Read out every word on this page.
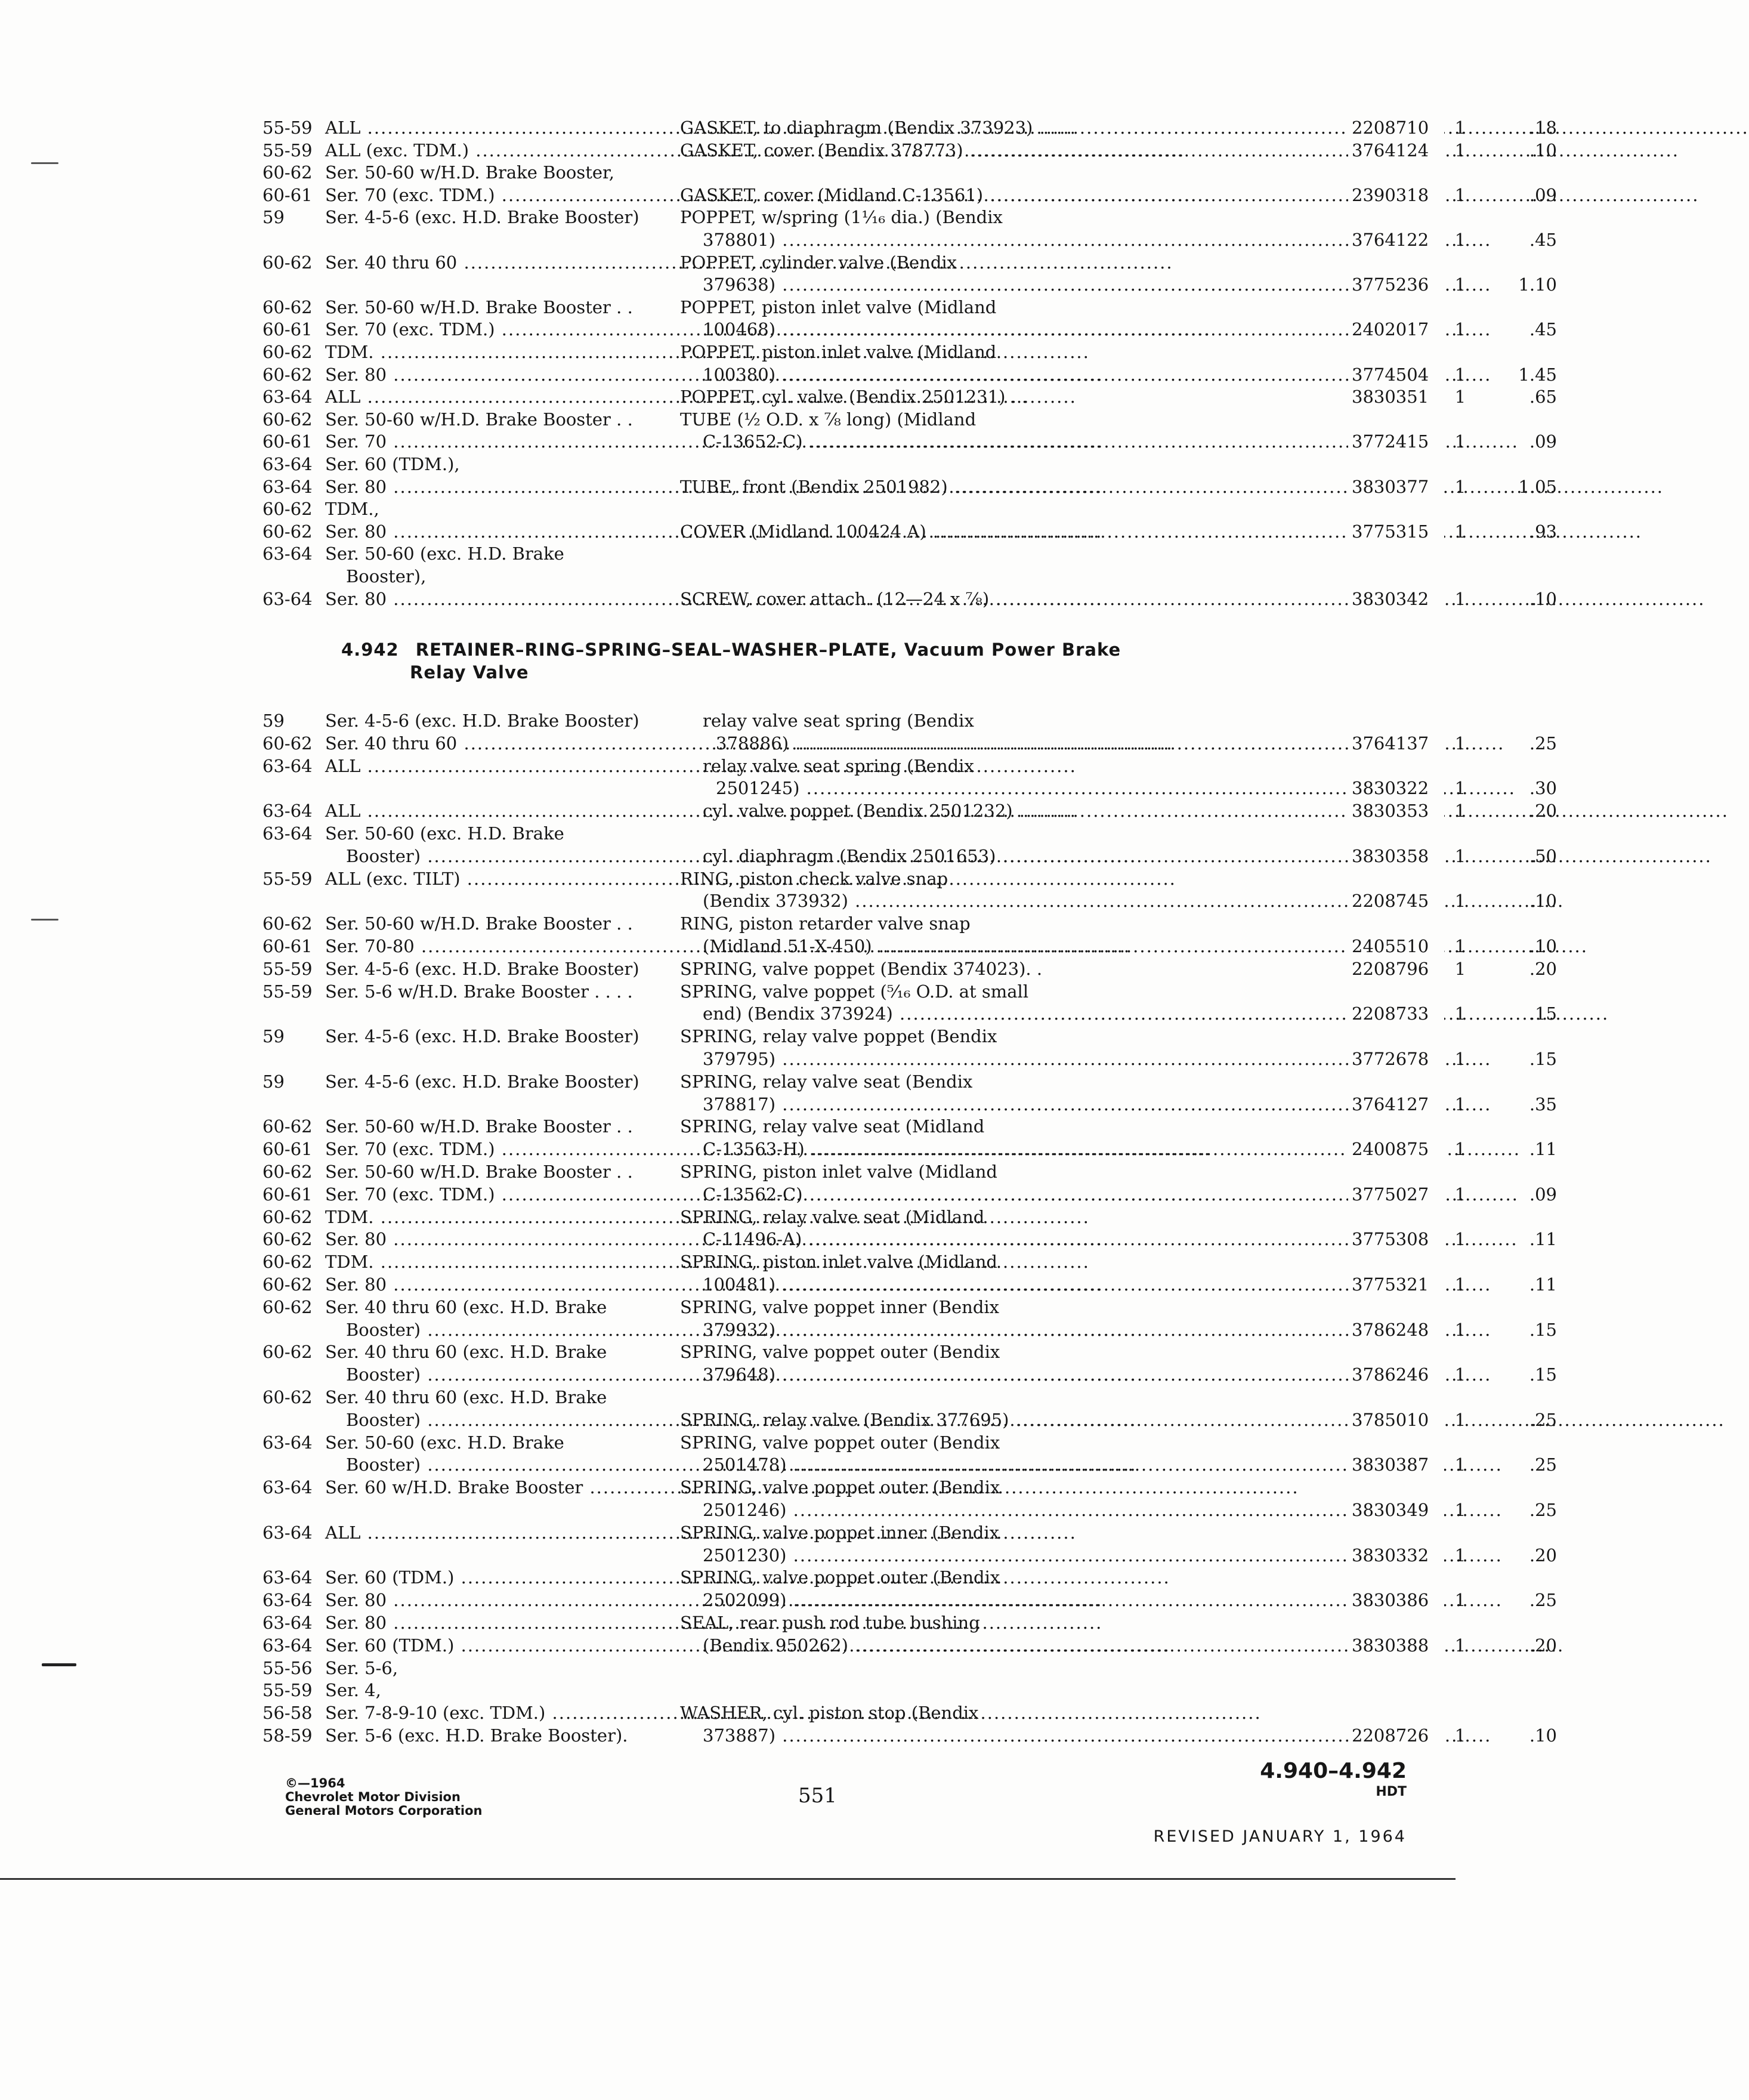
55-59 ALL .....	GASKET, to diaphragm (Bendix 373923) .....	2208710	1	.18
55-59 ALL (exc. TDM.) .....	GASKET, cover (Bendix 378773) .....	3764124	1	.10
60-62 Ser. 50-60 w/H.D. Brake Booster,
60-61 Ser. 70 (exc. TDM.) .....	GASKET, cover (Midland C-13561) .....	2390318	1	.09
59 Ser. 4-5-6 (exc. H.D. Brake Booster)	POPPET, w/spring (1¹⁄₁₆ dia.) (Bendix
378801) .....	3764122	1	.45
60-62 Ser. 40 thru 60 .....	POPPET, cylinder valve (Bendix
379638) .....	3775236	1	1.10
60-62 Ser. 50-60 w/H.D. Brake Booster . .	POPPET, piston inlet valve (Midland
60-61 Ser. 70 (exc. TDM.) .....	100468) .....	2402017	1	.45
60-62 TDM. .....	POPPET, piston inlet valve (Midland
60-62 Ser. 80 .....	100380) .....	3774504	1	1.45
63-64 ALL .....	POPPET, cyl. valve (Bendix 2501231) . .	3830351	1	.65
60-62 Ser. 50-60 w/H.D. Brake Booster . .	TUBE (½ O.D. x ⅞ long) (Midland
60-61 Ser. 70 .....	C-13652-C) .....	3772415	1	.09
63-64 Ser. 60 (TDM.),
63-64 Ser. 80 .....	TUBE, front (Bendix 2501982) .....	3830377	1	1.05
60-62 TDM.,
60-62 Ser. 80 .....	COVER (Midland 100424 A) .....	3775315	1	.93
63-64 Ser. 50-60 (exc. H.D. Brake
Booster),
63-64 Ser. 80 .....	SCREW, cover attach. (12—24 x ⅞) .....	3830342	1	.10
4.942 RETAINER–RING–SPRING–SEAL–WASHER–PLATE, Vacuum Power Brake
Relay Valve
59 Ser. 4-5-6 (exc. H.D. Brake Booster)	relay valve seat spring (Bendix
60-62 Ser. 40 thru 60 .....	378886) .....	3764137	1	.25
63-64 ALL .....	relay valve seat spring (Bendix
2501245) .....	3830322	1	.30
63-64 ALL .....	cyl. valve poppet (Bendix 2501232) .....	3830353	1	.20
63-64 Ser. 50-60 (exc. H.D. Brake
Booster) .....	cyl. diaphragm (Bendix 2501653) .....	3830358	1	.50
55-59 ALL (exc. TILT) .....	RING, piston check valve snap
(Bendix 373932) .....	2208745	1	.10
60-62 Ser. 50-60 w/H.D. Brake Booster . .	RING, piston retarder valve snap
60-61 Ser. 70-80 .....	(Midland 51-X-450) .....	2405510	1	.10
55-59 Ser. 4-5-6 (exc. H.D. Brake Booster)	SPRING, valve poppet (Bendix 374023). .	2208796	1	.20
55-59 Ser. 5-6 w/H.D. Brake Booster . . . .	SPRING, valve poppet (⁵⁄₁₆ O.D. at small
end) (Bendix 373924) .....	2208733	1	.15
59 Ser. 4-5-6 (exc. H.D. Brake Booster)	SPRING, relay valve poppet (Bendix
379795) .....	3772678	1	.15
59 Ser. 4-5-6 (exc. H.D. Brake Booster)	SPRING, relay valve seat (Bendix
378817) .....	3764127	1	.35
60-62 Ser. 50-60 w/H.D. Brake Booster . .	SPRING, relay valve seat (Midland
60-61 Ser. 70 (exc. TDM.) .....	C-13563-H) .....	2400875	1	.11
60-62 Ser. 50-60 w/H.D. Brake Booster . .	SPRING, piston inlet valve (Midland
60-61 Ser. 70 (exc. TDM.) .....	C-13562-C) .....	3775027	1	.09
60-62 TDM. .....	SPRING, relay valve seat (Midland
60-62 Ser. 80 .....	C-11496-A) .....	3775308	1	.11
60-62 TDM. .....	SPRING, piston inlet valve (Midland
60-62 Ser. 80 .....	100481) .....	3775321	1	.11
60-62 Ser. 40 thru 60 (exc. H.D. Brake	SPRING, valve poppet inner (Bendix
Booster) .....	379932) .....	3786248	1	.15
60-62 Ser. 40 thru 60 (exc. H.D. Brake	SPRING, valve poppet outer (Bendix
Booster) .....	379648) .....	3786246	1	.15
60-62 Ser. 40 thru 60 (exc. H.D. Brake
Booster) .....	SPRING, relay valve (Bendix 377695) .....	3785010	1	.25
63-64 Ser. 50-60 (exc. H.D. Brake	SPRING, valve poppet outer (Bendix
Booster) .....	2501478) .....	3830387	1	.25
63-64 Ser. 60 w/H.D. Brake Booster .....	SPRING, valve poppet outer (Bendix
2501246) .....	3830349	1	.25
63-64 ALL .....	SPRING, valve poppet inner (Bendix
2501230) .....	3830332	1	.20
63-64 Ser. 60 (TDM.) .....	SPRING, valve poppet outer (Bendix
63-64 Ser. 80 .....	2502099) .....	3830386	1	.25
63-64 Ser. 80 .....	SEAL, rear push rod tube bushing
63-64 Ser. 60 (TDM.) .....	(Bendix 950262) .....	3830388	1	.20
55-56 Ser. 5-6,
55-59 Ser. 4,
56-58 Ser. 7-8-9-10 (exc. TDM.) .....	WASHER, cyl. piston stop (Bendix
58-59 Ser. 5-6 (exc. H.D. Brake Booster).	373887) .....	2208726	1	.10
©—1964
Chevrolet Motor Division
General Motors Corporation
551
4.940–4.942
HDT
REVISED JANUARY 1, 1964
